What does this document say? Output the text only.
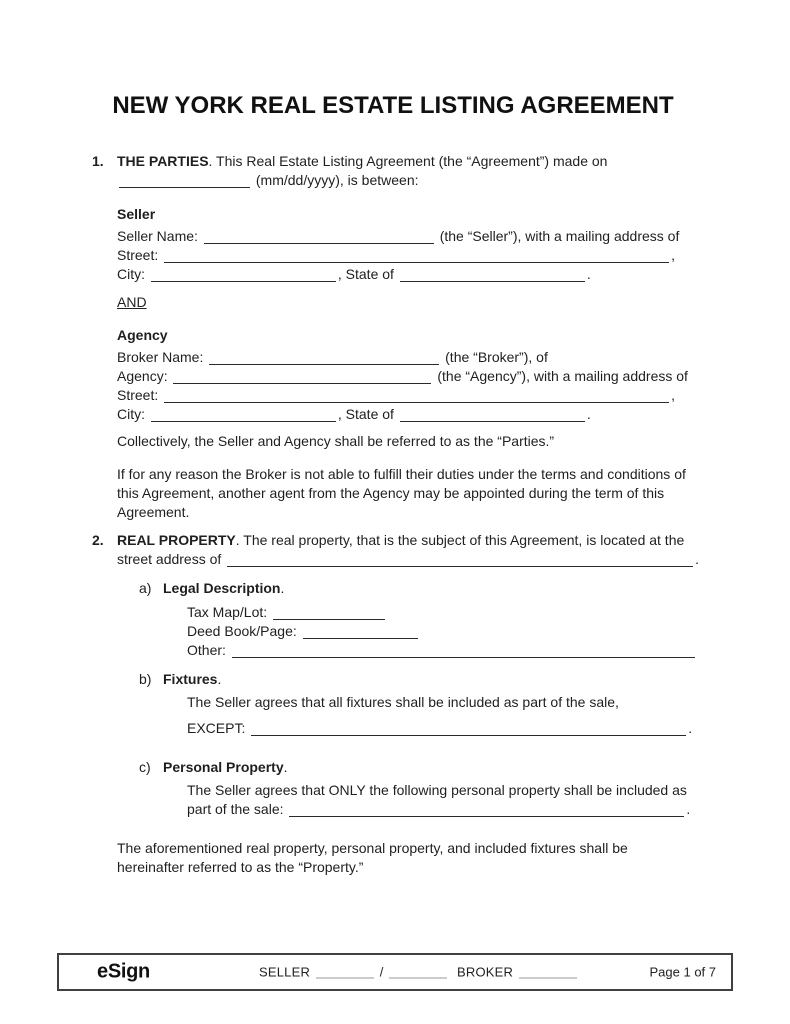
NEW YORK REAL ESTATE LISTING AGREEMENT
1. THE PARTIES. This Real Estate Listing Agreement (the “Agreement”) made on
(mm/dd/yyyy), is between:
Seller
Seller Name:	(the “Seller”), with a mailing address of
Street:	,
City:	, State of	.
AND
Agency
Broker Name:	(the “Broker”), of
Agency:	(the “Agency”), with a mailing address of
Street:	,
City:	, State of	.
Collectively, the Seller and Agency shall be referred to as the “Parties.”
If for any reason the Broker is not able to fulfill their duties under the terms and conditions of this Agreement, another agent from the Agency may be appointed during the term of this Agreement.
2. REAL PROPERTY. The real property, that is the subject of this Agreement, is located at the
street address of	.
a) Legal Description.
Tax Map/Lot:
Deed Book/Page:
Other:
b) Fixtures.
The Seller agrees that all fixtures shall be included as part of the sale,
EXCEPT:	.
c) Personal Property.
The Seller agrees that ONLY the following personal property shall be included as
part of the sale:	.
The aforementioned real property, personal property, and included fixtures shall be hereinafter referred to as the “Property.”
eSign	SELLER	/	BROKER	Page 1 of 7
